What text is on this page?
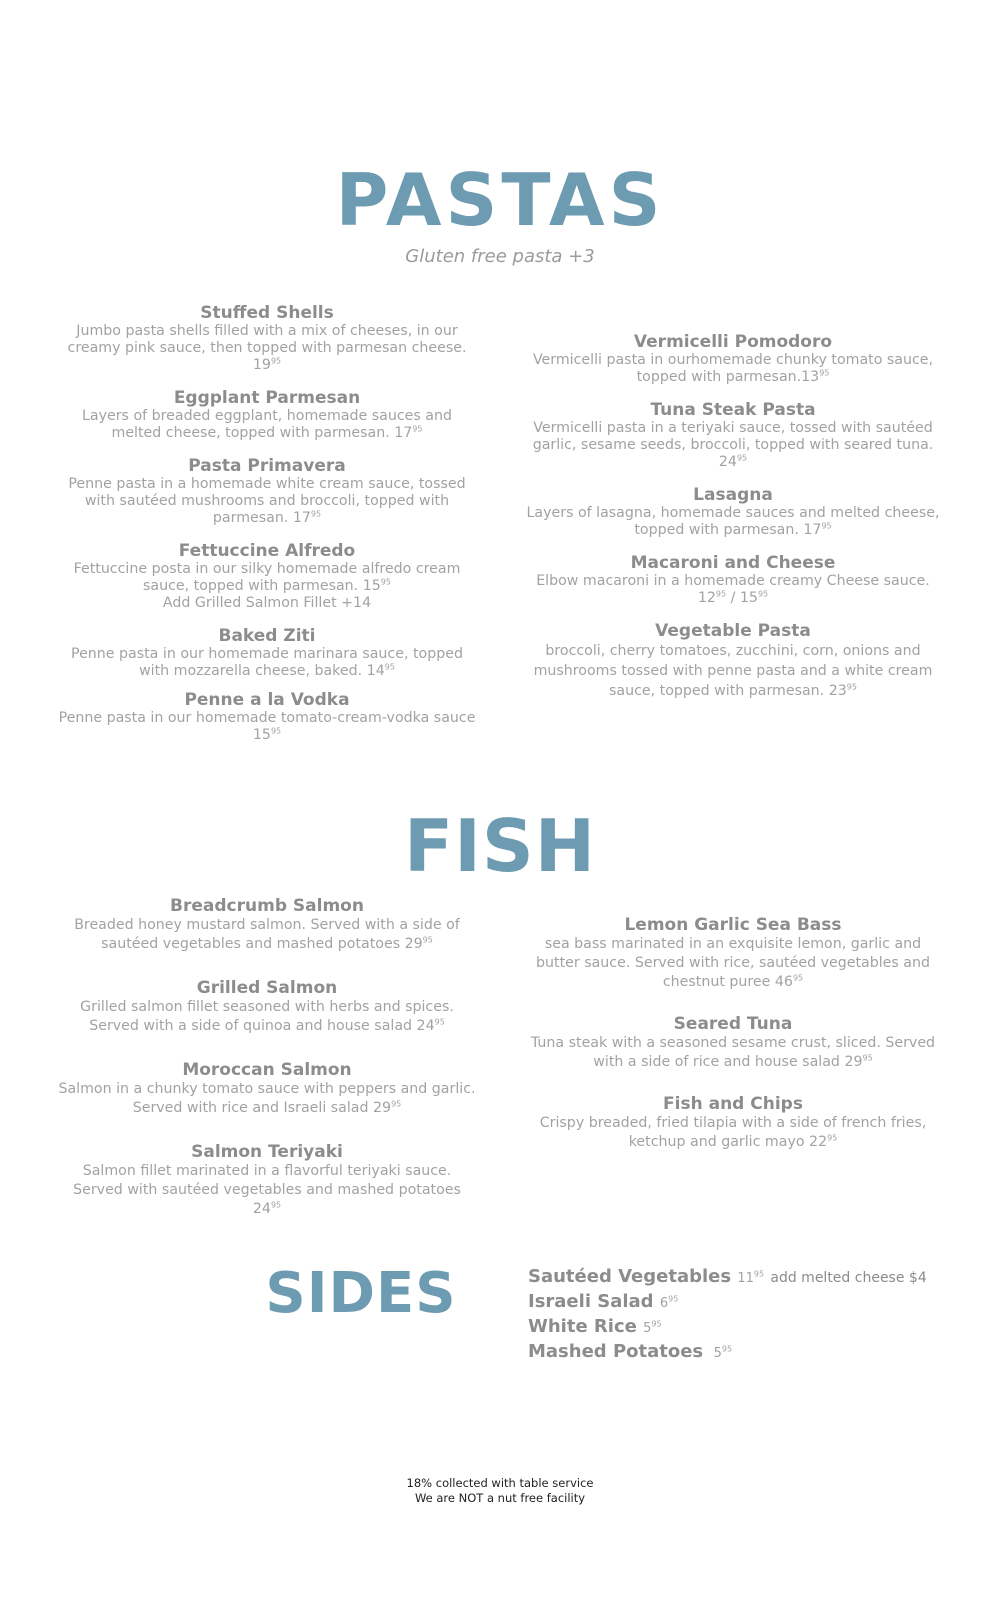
PASTAS
Gluten free pasta +3
Stuffed Shells
Jumbo pasta shells filled with a mix of cheeses, in our creamy pink sauce, then topped with parmesan cheese. $19^{95}$
Eggplant Parmesan
Layers of breaded eggplant, homemade sauces and melted cheese, topped with parmesan. $17^{95}$
Pasta Primavera
Penne pasta in a homemade white cream sauce, tossed with sautéed mushrooms and broccoli, topped with parmesan. $17^{95}$
Fettuccine Alfredo
Fettuccine posta in our silky homemade alfredo cream sauce, topped with parmesan. $15^{95}$
Add Grilled Salmon Fillet +14
Baked Ziti
Penne pasta in our homemade marinara sauce, topped with mozzarella cheese, baked. $14^{95}$
Penne a la Vodka
Penne pasta in our homemade tomato-cream-vodka sauce $15^{95}$
Vermicelli Pomodoro
Vermicelli pasta in ourhomemade chunky tomato sauce, topped with $parmesan.13^{95}$
Tuna Steak Pasta
Vermicelli pasta in a teriyaki sauce, tossed with sautéed garlic, sesame seeds, broccoli, topped with seared tuna. $24^{95}$
Lasagna
Layers of lasagna, homemade sauces and melted cheese, topped with parmesan. $17^{95}$
Macaroni and Cheese
Elbow macaroni in a homemade creamy Cheese sauce. $12^{95} / 15^{95}$
Vegetable Pasta
broccoli, cherry tomatoes, zucchini, corn, onions and mushrooms tossed with penne pasta and a white cream sauce, topped with parmesan. $23^{95}$
FISH
Breadcrumb Salmon
Breaded honey mustard salmon. Served with a side of sautéed vegetables and mashed potatoes $29^{95}$
Grilled Salmon
Grilled salmon fillet seasoned with herbs and spices. Served with a side of quinoa and house salad $24^{95}$
Moroccan Salmon
Salmon in a chunky tomato sauce with peppers and garlic. Served with rice and Israeli salad $29^{95}$
Salmon Teriyaki
Salmon fillet marinated in a flavorful teriyaki sauce. Served with sautéed vegetables and mashed potatoes $24^{95}$
Lemon Garlic Sea Bass
sea bass marinated in an exquisite lemon, garlic and butter sauce. Served with rice, sautéed vegetables and chestnut puree $46^{95}$
Seared Tuna
Tuna steak with a seasoned sesame crust, sliced. Served with a side of rice and house salad $29^{95}$
Fish and Chips
Crispy breaded, fried tilapia with a side of french fries, ketchup and garlic mayo $22^{95}$
SIDES	Sautéed Vegetables $11^{95}$ add melted cheese $4
Israeli Salad $6^{95}$
White Rice $5^{95}$
Mashed Potatoes $5^{95}$
18% collected with table service
We are NOT a nut free facility
